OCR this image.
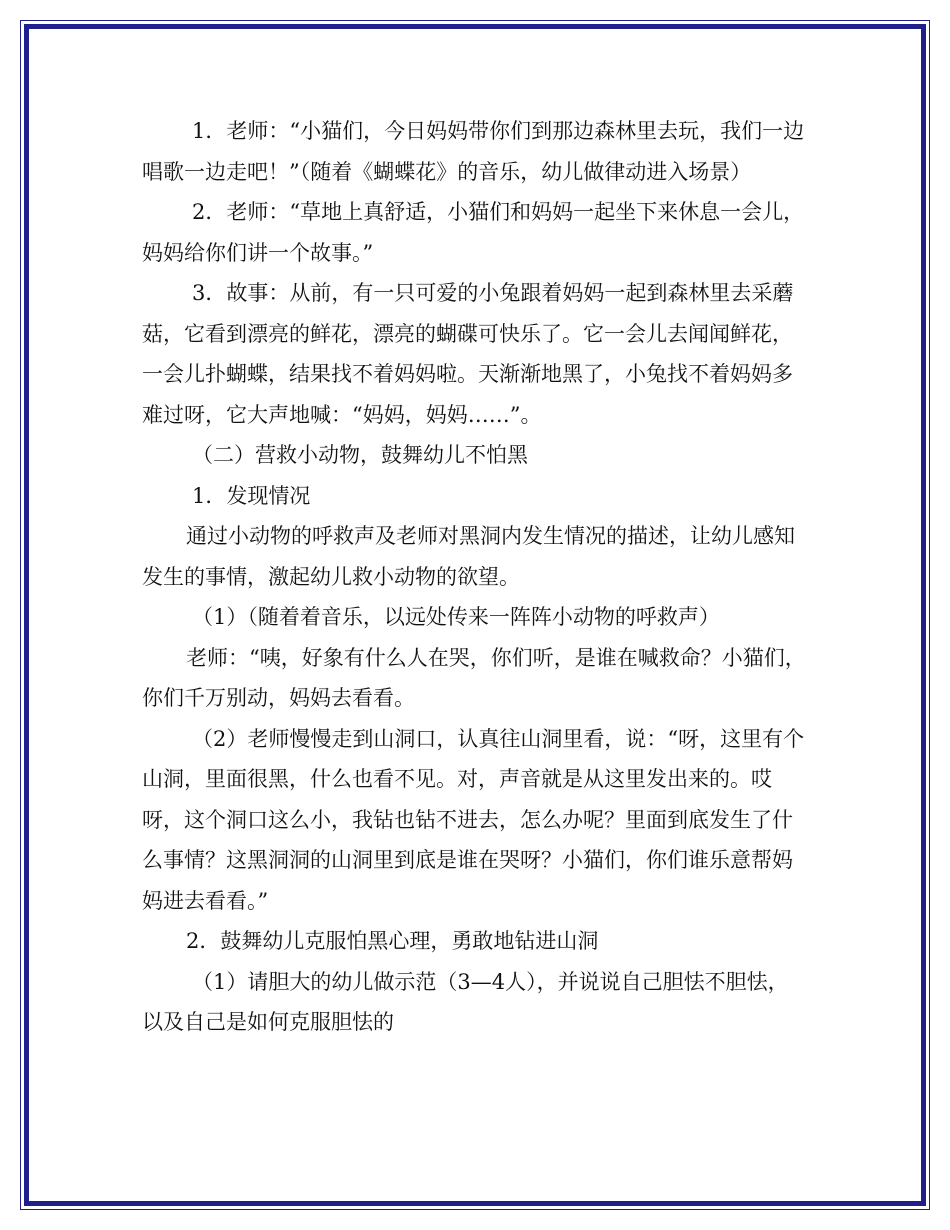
1．老师：“小猫们，今日妈妈带你们到那边森林里去玩，我们一边唱歌一边走吧！”（随着《蝴蝶花》的音乐，幼儿做律动进入场景）

2．老师：“草地上真舒适，小猫们和妈妈一起坐下来休息一会儿，妈妈给你们讲一个故事。”

3．故事：从前，有一只可爱的小兔跟着妈妈一起到森林里去采蘑菇，它看到漂亮的鲜花，漂亮的蝴碟可快乐了。它一会儿去闻闻鲜花，一会儿扑蝴蝶，结果找不着妈妈啦。天渐渐地黑了，小兔找不着妈妈多难过呀，它大声地喊：“妈妈，妈妈……”。

（二）营救小动物，鼓舞幼儿不怕黑

1．发现情况

通过小动物的呼救声及老师对黑洞内发生情况的描述，让幼儿感知发生的事情，激起幼儿救小动物的欲望。

（1）（随着着音乐，以远处传来一阵阵小动物的呼救声）

老师：“咦，好象有什么人在哭，你们听，是谁在喊救命？小猫们，你们千万别动，妈妈去看看。

（2）老师慢慢走到山洞口，认真往山洞里看，说：“呀，这里有个山洞，里面很黑，什么也看不见。对，声音就是从这里发出来的。哎呀，这个洞口这么小，我钻也钻不进去，怎么办呢？里面到底发生了什么事情？这黑洞洞的山洞里到底是谁在哭呀？小猫们，你们谁乐意帮妈妈进去看看。”

2．鼓舞幼儿克服怕黑心理，勇敢地钻进山洞

（1）请胆大的幼儿做示范（3—4人），并说说自己胆怯不胆怯，以及自己是如何克服胆怯的
